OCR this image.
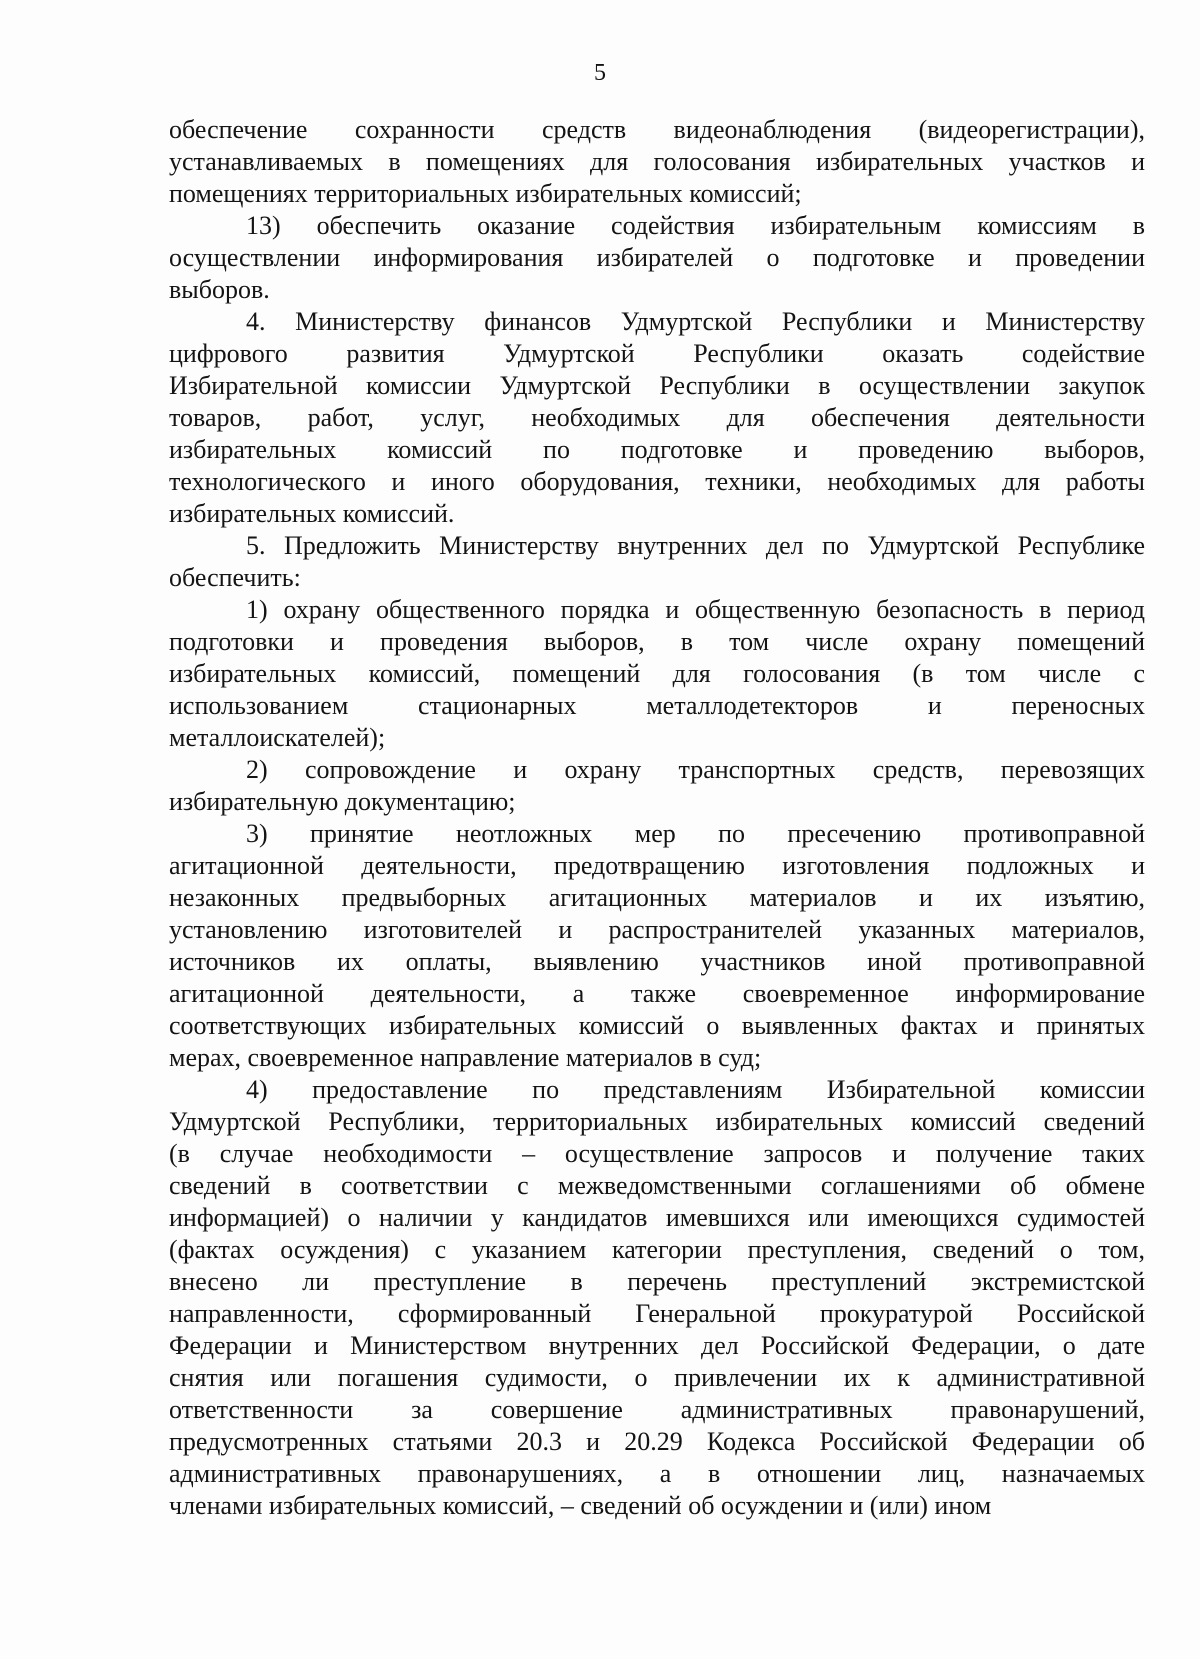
5
обеспечение сохранности средств видеонаблюдения (видеорегистрации),
устанавливаемых в помещениях для голосования избирательных участков и
помещениях территориальных избирательных комиссий;
13) обеспечить оказание содействия избирательным комиссиям в
осуществлении информирования избирателей о подготовке и проведении
выборов.
4. Министерству финансов Удмуртской Республики и Министерству
цифрового развития Удмуртской Республики оказать содействие
Избирательной комиссии Удмуртской Республики в осуществлении закупок
товаров, работ, услуг, необходимых для обеспечения деятельности
избирательных комиссий по подготовке и проведению выборов,
технологического и иного оборудования, техники, необходимых для работы
избирательных комиссий.
5. Предложить Министерству внутренних дел по Удмуртской Республике
обеспечить:
1) охрану общественного порядка и общественную безопасность в период
подготовки и проведения выборов, в том числе охрану помещений
избирательных комиссий, помещений для голосования (в том числе с
использованием стационарных металлодетекторов и переносных
металлоискателей);
2) сопровождение и охрану транспортных средств, перевозящих
избирательную документацию;
3) принятие неотложных мер по пресечению противоправной
агитационной деятельности, предотвращению изготовления подложных и
незаконных предвыборных агитационных материалов и их изъятию,
установлению изготовителей и распространителей указанных материалов,
источников их оплаты, выявлению участников иной противоправной
агитационной деятельности, а также своевременное информирование
соответствующих избирательных комиссий о выявленных фактах и принятых
мерах, своевременное направление материалов в суд;
4) предоставление по представлениям Избирательной комиссии
Удмуртской Республики, территориальных избирательных комиссий сведений
(в случае необходимости – осуществление запросов и получение таких
сведений в соответствии с межведомственными соглашениями об обмене
информацией) о наличии у кандидатов имевшихся или имеющихся судимостей
(фактах осуждения) с указанием категории преступления, сведений о том,
внесено ли преступление в перечень преступлений экстремистской
направленности, сформированный Генеральной прокуратурой Российской
Федерации и Министерством внутренних дел Российской Федерации, о дате
снятия или погашения судимости, о привлечении их к административной
ответственности за совершение административных правонарушений,
предусмотренных статьями 20.3 и 20.29 Кодекса Российской Федерации об
административных правонарушениях, а в отношении лиц, назначаемых
членами избирательных комиссий, – сведений об осуждении и (или) ином
